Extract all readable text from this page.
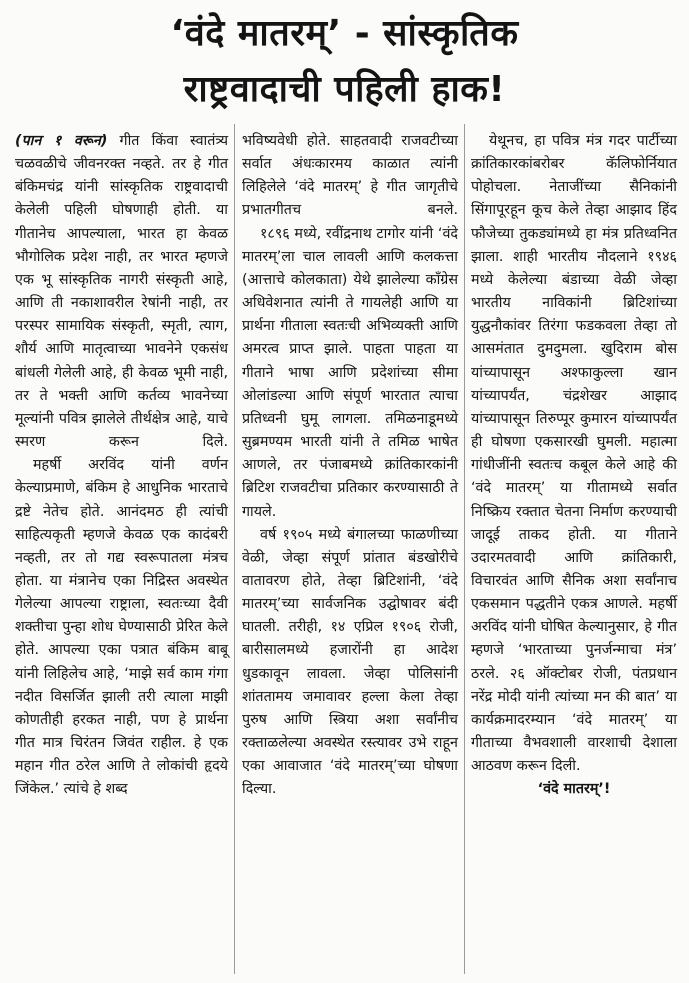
‘वंदे मातरम्’ - सांस्कृतिक
राष्ट्रवादाची पहिली हाक!

(पान १ वरून) गीत किंवा स्वातंत्र्य चळवळीचे जीवनरक्त नव्हते. तर हे गीत बंकिमचंद्र यांनी सांस्कृतिक राष्ट्रवादाची केलेली पहिली घोषणाही होती. या गीतानेच आपल्याला, भारत हा केवळ भौगोलिक प्रदेश नाही, तर भारत म्हणजे एक भू सांस्कृतिक नागरी संस्कृती आहे, आणि ती नकाशावरील रेषांनी नाही, तर परस्पर सामायिक संस्कृती, स्मृती, त्याग, शौर्य आणि मातृत्वाच्या भावनेने एकसंध बांधली गेलेली आहे, ही केवळ भूमी नाही, तर ते भक्ती आणि कर्तव्य भावनेच्या मूल्यांनी पवित्र झालेले तीर्थक्षेत्र आहे, याचे स्मरण करून दिले.

महर्षी अरविंद यांनी वर्णन केल्याप्रमाणे, बंकिम हे आधुनिक भारताचे द्रष्टे नेतेच होते. आनंदमठ ही त्यांची साहित्यकृती म्हणजे केवळ एक कादंबरी नव्हती, तर तो गद्य स्वरूपातला मंत्रच होता. या मंत्रानेच एका निद्रिस्त अवस्थेत गेलेल्या आपल्या राष्ट्राला, स्वतःच्या दैवी शक्तीचा पुन्हा शोध घेण्यासाठी प्रेरित केले होते. आपल्या एका पत्रात बंकिम बाबू यांनी लिहिलेच आहे, ‘माझे सर्व काम गंगा नदीत विसर्जित झाली तरी त्याला माझी कोणतीही हरकत नाही, पण हे प्रार्थना गीत मात्र चिरंतन जिवंत राहील. हे एक महान गीत ठरेल आणि ते लोकांची हृदये जिंकेल.’ त्यांचे हे शब्द

भविष्यवेधी होते. साहतवादी राजवटीच्या सर्वात अंधःकारमय काळात त्यांनी लिहिलेले ‘वंदे मातरम्’ हे गीत जागृतीचे प्रभातगीतच बनले.

१८९६ मध्ये, रवींद्रनाथ टागोर यांनी ‘वंदे मातरम्’ला चाल लावली आणि कलकत्ता (आत्ताचे कोलकाता) येथे झालेल्या काँग्रेस अधिवेशनात त्यांनी ते गायलेही आणि या प्रार्थना गीताला स्वतःची अभिव्यक्ती आणि अमरत्व प्राप्त झाले. पाहता पाहता या गीताने भाषा आणि प्रदेशांच्या सीमा ओलांडल्या आणि संपूर्ण भारतात त्याचा प्रतिध्वनी घुमू लागला. तमिळनाडूमध्ये सुब्रमण्यम भारती यांनी ते तमिळ भाषेत आणले, तर पंजाबमध्ये क्रांतिकारकांनी ब्रिटिश राजवटीचा प्रतिकार करण्यासाठी ते गायले.

वर्ष १९०५ मध्ये बंगालच्या फाळणीच्या वेळी, जेव्हा संपूर्ण प्रांतात बंडखोरीचे वातावरण होते, तेव्हा ब्रिटिशांनी, ‘वंदे मातरम्’च्या सार्वजनिक उद्घोषावर बंदी घातली. तरीही, १४ एप्रिल १९०६ रोजी, बारीसालमध्ये हजारोंनी हा आदेश धुडकावून लावला. जेव्हा पोलिसांनी शांततामय जमावावर हल्ला केला तेव्हा पुरुष आणि स्त्रिया अशा सर्वांनीच रक्ताळलेल्या अवस्थेत रस्त्यावर उभे राहून एका आवाजात ‘वंदे मातरम्’च्या घोषणा दिल्या.

येथूनच, हा पवित्र मंत्र गदर पार्टीच्या क्रांतिकारकांबरोबर कॅलिफोर्नियात पोहोचला. नेताजींच्या सैनिकांनी सिंगापूरहून कूच केले तेव्हा आझाद हिंद फौजेच्या तुकड्यांमध्ये हा मंत्र प्रतिध्वनित झाला. शाही भारतीय नौदलाने १९४६ मध्ये केलेल्या बंडाच्या वेळी जेव्हा भारतीय नाविकांनी ब्रिटिशांच्या युद्धनौकांवर तिरंगा फडकवला तेव्हा तो आसमंतात दुमदुमला. खुदिराम बोस यांच्यापासून अश्फाकुल्ला खान यांच्यापर्यंत, चंद्रशेखर आझाद यांच्यापासून तिरुप्पूर कुमारन यांच्यापर्यंत ही घोषणा एकसारखी घुमली. महात्मा गांधीजींनी स्वतःच कबूल केले आहे की ‘वंदे मातरम्’ या गीतामध्ये सर्वात निष्क्रिय रक्तात चेतना निर्माण करण्याची जादूई ताकद होती. या गीताने उदारमतवादी आणि क्रांतिकारी, विचारवंत आणि सैनिक अशा सर्वांनाच एकसमान पद्धतीने एकत्र आणले. महर्षी अरविंद यांनी घोषित केल्यानुसार, हे गीत म्हणजे ‘भारताच्या पुनर्जन्माचा मंत्र’ ठरले. २६ ऑक्टोबर रोजी, पंतप्रधान नरेंद्र मोदी यांनी त्यांच्या मन की बात’ या कार्यक्रमादरम्यान ‘वंदे मातरम्’ या गीताच्या वैभवशाली वारशाची देशाला आठवण करून दिली.

‘वंदे मातरम्’!
